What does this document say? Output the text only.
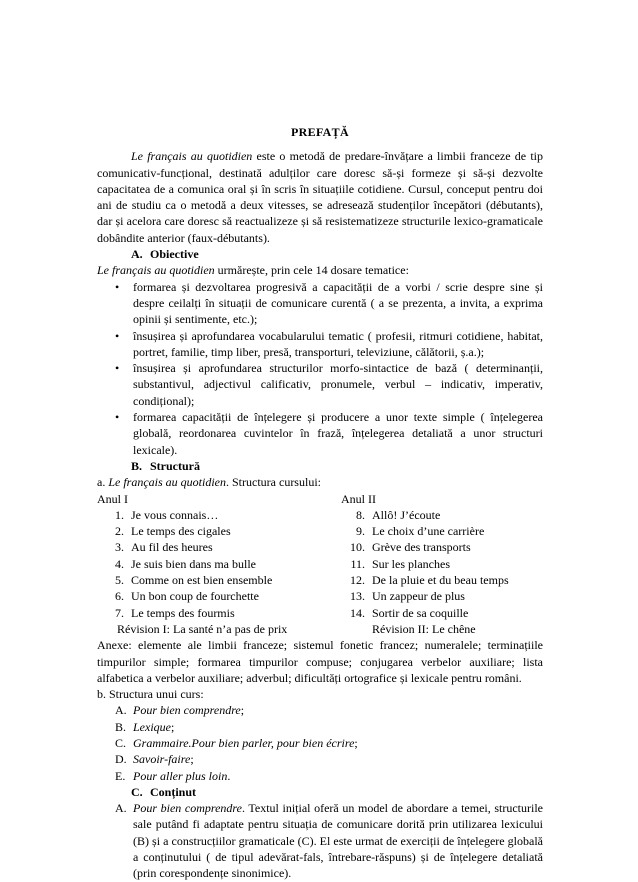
PREFAȚĂ

Le français au quotidien este o metodă de predare-învățare a limbii franceze de tip comunicativ-funcțional, destinată adulților care doresc să-și formeze și să-și dezvolte capacitatea de a comunica oral și în scris în situațiile cotidiene. Cursul, conceput pentru doi ani de studiu ca o metodă a deux vitesses, se adresează studenților începători (débutants), dar și acelora care doresc să reactualizeze și să resistematizeze structurile lexico-gramaticale dobândite anterior (faux-débutants).

A. Obiective

Le français au quotidien urmărește, prin cele 14 dosare tematice:

• formarea și dezvoltarea progresivă a capacității de a vorbi / scrie despre sine și despre ceilalți în situații de comunicare curentă ( a se prezenta, a invita, a exprima opinii și sentimente, etc.);
• însușirea și aprofundarea vocabularului tematic ( profesii, ritmuri cotidiene, habitat, portret, familie, timp liber, presă, transporturi, televiziune, călătorii, ș.a.);
• însușirea și aprofundarea structurilor morfo-sintactice de bază ( determinanții, substantivul, adjectivul calificativ, pronumele, verbul – indicativ, imperativ, condițional);
• formarea capacității de înțelegere și producere a unor texte simple ( înțelegerea globală, reordonarea cuvintelor în frază, înțelegerea detaliată a unor structuri lexicale).
B. Structură

a. Le français au quotidien. Structura cursului:

Anul I
1. Je vous connais…
2. Le temps des cigales
3. Au fil des heures
4. Je suis bien dans ma bulle
5. Comme on est bien ensemble
6. Un bon coup de fourchette
7. Le temps des fourmis
Révision I: La santé n’a pas de prix
Anul II
8. Allô! J’écoute
9. Le choix d’une carrière
10. Grève des transports
11. Sur les planches
12. De la pluie et du beau temps
13. Un zappeur de plus
14. Sortir de sa coquille
Révision II: Le chêne

Anexe: elemente ale limbii franceze; sistemul fonetic francez; numeralele; terminațiile timpurilor simple; formarea timpurilor compuse; conjugarea verbelor auxiliare; lista alfabetica a verbelor auxiliare; adverbul; dificultăți ortografice și lexicale pentru români.

b. Structura unui curs:

A. Pour bien comprendre;
B. Lexique;
C. Grammaire.Pour bien parler, pour bien écrire;
D. Savoir-faire;
E. Pour aller plus loin.
C. Conținut
A. Pour bien comprendre. Textul inițial oferă un model de abordare a temei, structurile sale putând fi adaptate pentru situația de comunicare dorită prin utilizarea lexicului (B) și a construcțiilor gramaticale (C). El este urmat de exerciții de înțelegere globală a conținutului ( de tipul adevărat-fals, întrebare-răspuns) și de înțelegere detaliată (prin corespondențe sinonimice).
